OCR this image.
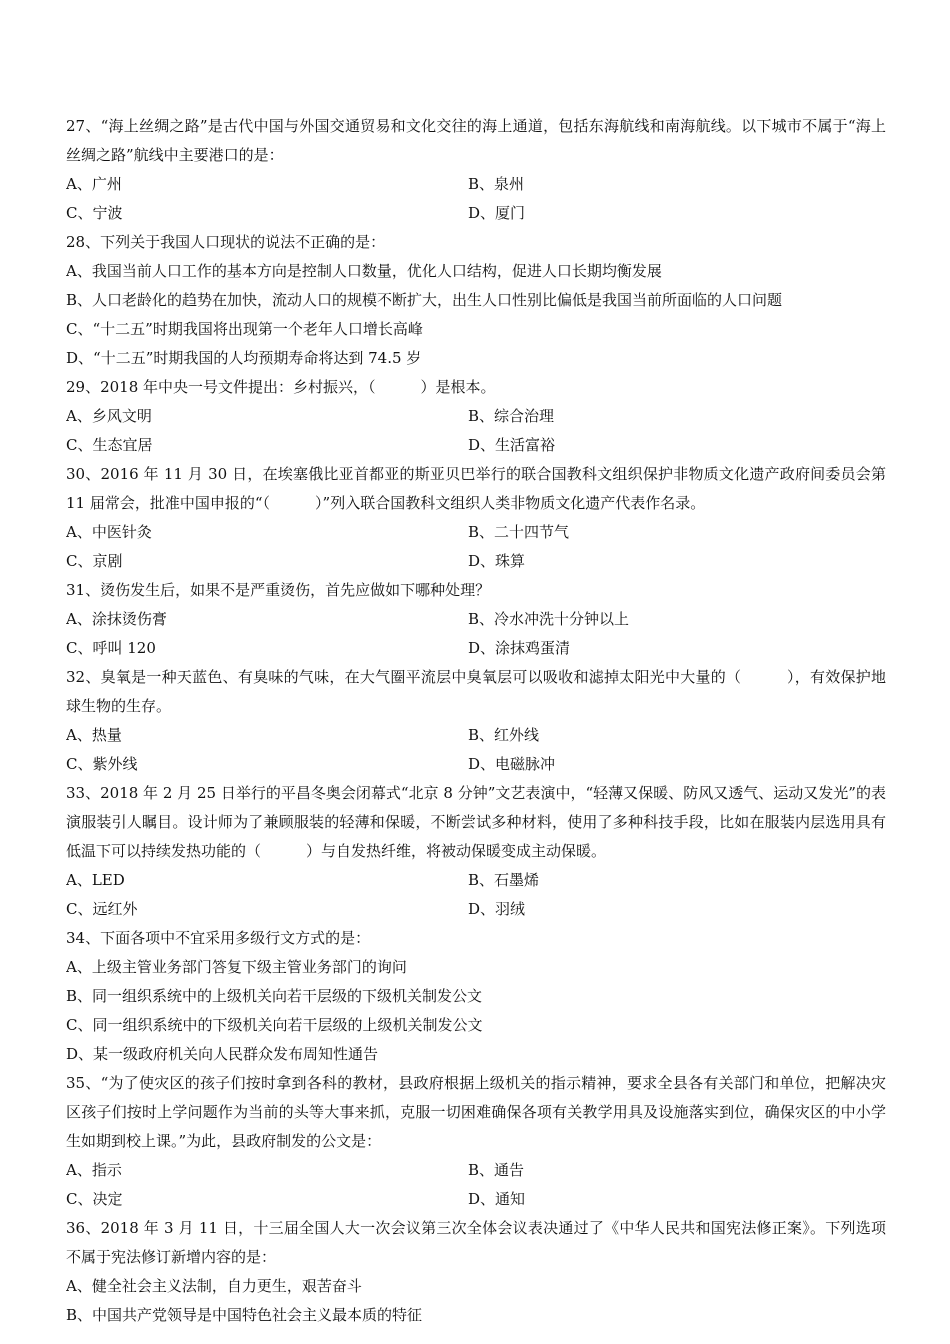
27、“海上丝绸之路”是古代中国与外国交通贸易和文化交往的海上通道，包括东海航线和南海航线。以下城市不属于“海上丝绸之路”航线中主要港口的是：
A、广州	B、泉州
C、宁波	D、厦门
28、下列关于我国人口现状的说法不正确的是：
A、我国当前人口工作的基本方向是控制人口数量，优化人口结构，促进人口长期均衡发展
B、人口老龄化的趋势在加快，流动人口的规模不断扩大，出生人口性别比偏低是我国当前所面临的人口问题
C、“十二五”时期我国将出现第一个老年人口增长高峰
D、“十二五”时期我国的人均预期寿命将达到 74.5 岁
29、2018 年中央一号文件提出：乡村振兴，（　　　）是根本。
A、乡风文明	B、综合治理
C、生态宜居	D、生活富裕
30、2016 年 11 月 30 日，在埃塞俄比亚首都亚的斯亚贝巴举行的联合国教科文组织保护非物质文化遗产政府间委员会第 11 届常会，批准中国申报的“（　　　）”列入联合国教科文组织人类非物质文化遗产代表作名录。
A、中医针灸	B、二十四节气
C、京剧	D、珠算
31、烫伤发生后，如果不是严重烫伤，首先应做如下哪种处理？
A、涂抹烫伤膏	B、冷水冲洗十分钟以上
C、呼叫 120	D、涂抹鸡蛋清
32、臭氧是一种天蓝色、有臭味的气味，在大气圈平流层中臭氧层可以吸收和滤掉太阳光中大量的（　　　），有效保护地球生物的生存。
A、热量	B、红外线
C、紫外线	D、电磁脉冲
33、2018 年 2 月 25 日举行的平昌冬奥会闭幕式“北京 8 分钟”文艺表演中，“轻薄又保暖、防风又透气、运动又发光”的表演服装引人瞩目。设计师为了兼顾服装的轻薄和保暖，不断尝试多种材料，使用了多种科技手段，比如在服装内层选用具有低温下可以持续发热功能的（　　　）与自发热纤维，将被动保暖变成主动保暖。
A、LED	B、石墨烯
C、远红外	D、羽绒
34、下面各项中不宜采用多级行文方式的是：
A、上级主管业务部门答复下级主管业务部门的询问
B、同一组织系统中的上级机关向若干层级的下级机关制发公文
C、同一组织系统中的下级机关向若干层级的上级机关制发公文
D、某一级政府机关向人民群众发布周知性通告
35、“为了使灾区的孩子们按时拿到各科的教材，县政府根据上级机关的指示精神，要求全县各有关部门和单位，把解决灾区孩子们按时上学问题作为当前的头等大事来抓，克服一切困难确保各项有关教学用具及设施落实到位，确保灾区的中小学生如期到校上课。”为此，县政府制发的公文是：
A、指示	B、通告
C、决定	D、通知
36、2018 年 3 月 11 日，十三届全国人大一次会议第三次全体会议表决通过了《中华人民共和国宪法修正案》。下列选项不属于宪法修订新增内容的是：
A、健全社会主义法制，自力更生，艰苦奋斗
B、中国共产党领导是中国特色社会主义最本质的特征
